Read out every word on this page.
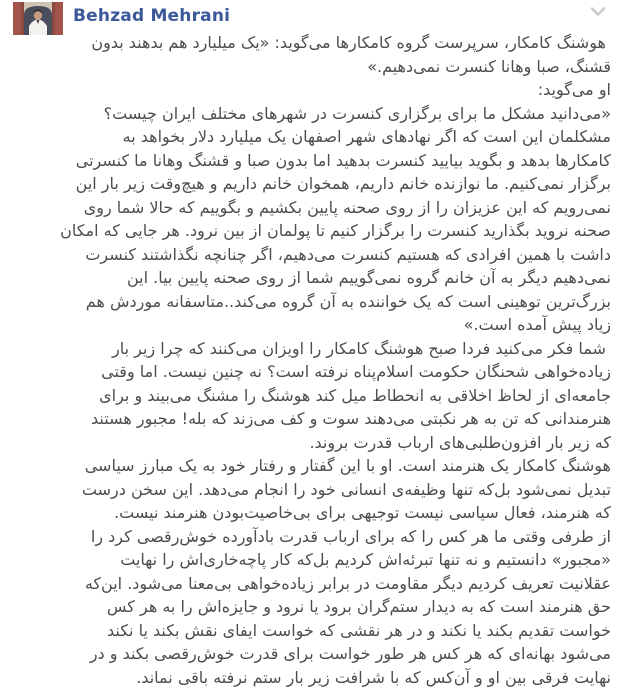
Behzad Mehrani
هوشنگ کامکار، سرپرست گروه کامکارها می‌گوید: «یک میلیارد هم بدهند بدون
قشنگ، صبا وهانا کنسرت نمی‌دهیم.»
او می‌گوید:
«می‌دانید مشکل ما برای برگزاری کنسرت در شهرهای مختلف ایران چیست؟
مشکلمان این است که اگر نهادهای شهر اصفهان یک میلیارد دلار بخواهد به
کامکارها بدهد و بگوید بیایید کنسرت بدهید اما بدون صبا و قشنگ وهانا ما کنسرتی
برگزار نمی‌کنیم. ما نوازنده خانم داریم، همخوان خانم داریم و هیچ‌وقت زیر بار این
نمی‌رویم که این عزیزان را از روی صحنه پایین بکشیم و بگوییم که حالا شما روی
صحنه نروید بگذارید کنسرت را برگزار کنیم تا پولمان از بین نرود. هر جایی که امکان
داشت با همین افرادی که هستیم کنسرت می‌دهیم، اگر چنانچه نگذاشتند کنسرت
نمی‌دهیم دیگر به آن خانم گروه نمی‌گوییم شما از روی صحنه پایین بیا. این
بزرگ‌ترین توهینی است که یک خواننده به آن گروه می‌کند..متاسفانه موردش هم
زیاد پیش آمده است.»
شما فکر می‌کنید فردا صبح هوشنگ کامکار را اویزان می‌کنند که چرا زیر بار
زیاده‌خواهی شحنگان حکومت اسلام‌پناه نرفته است؟ نه چنین نیست. اما وقتی
جامعه‌ای از لحاظ اخلاقی به انحطاط میل کند هوشنگ را مشنگ می‌بیند و برای
هنرمندانی که تن به هر نکبتی می‌دهند سوت و کف می‌زند که بله! مجبور هستند
که زیر بار افزون‌طلبی‌های ارباب قدرت بروند.
هوشنگ کامکار یک هنرمند است. او با این گفتار و رفتار خود به یک مبارز سیاسی
تبدیل نمی‌شود بل‌که تنها وظیفه‌ی انسانی خود را انجام می‌دهد. این سخن درست
که هنرمند، فعال سیاسی نیست توجیهی برای بی‌خاصیت‌بودن هنرمند نیست.
از طرفی وقتی ما هر کس را که برای ارباب قدرت بادآورده خوش‌رقصی کرد را
«مجبور» دانستیم و نه تنها تبرئه‌اش کردیم بل‌که کار پاچه‌خاری‌اش را نهایت
عقلانیت تعریف کردیم دیگر مقاومت در برابر زیاده‌خواهی بی‌معنا می‌شود. این‌که
حق هنرمند است که به دیدار ستم‌گران برود یا نرود و جایزه‌اش را به هر کس
خواست تقدیم بکند یا نکند و در هر نقشی که خواست ایفای نقش بکند یا نکند
می‌شود بهانه‌ای که هر کس هر طور خواست برای قدرت خوش‌رقصی بکند و در
نهایت فرقی بین او و آن‌کس که با شرافت زیر بار ستم نرفته باقی نماند.
